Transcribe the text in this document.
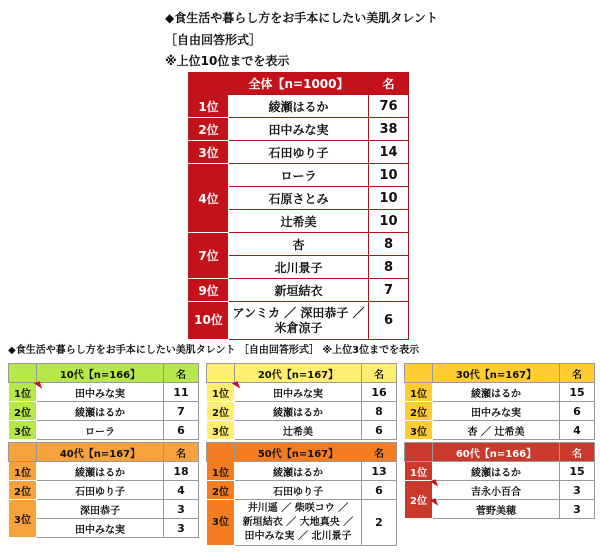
◆食生活や暮らし方をお手本にしたい美肌タレント
［自由回答形式］
※上位10位までを表示
	全体【n=1000】	名
1位	綾瀬はるか	76
2位	田中みな実	38
3位	石田ゆり子	14
4位	ローラ	10
	石原さとみ	10
	辻希美	10
7位	杏	8
	北川景子	8
9位	新垣結衣	7
10位	アンミカ ／ 深田恭子 ／
米倉涼子	6
◆食生活や暮らし方をお手本にしたい美肌タレント ［自由回答形式］ ※上位3位までを表示
	10代【n=166】	名
1位	田中みな実	11
2位	綾瀬はるか	7
3位	ローラ	6
	20代【n=167】	名
1位	田中みな実	16
2位	綾瀬はるか	8
3位	辻希美	6
	30代【n=167】	名
1位	綾瀬はるか	15
2位	田中みな実	6
3位	杏 ／ 辻希美	4
	40代【n=167】	名
1位	綾瀬はるか	18
2位	石田ゆり子	4
3位	深田恭子	3
	田中みな実	3
	50代【n=167】	名
1位	綾瀬はるか	13
2位	石田ゆり子	6
3位	井川遥 ／ 柴咲コウ ／
新垣結衣 ／ 大地真央 ／
田中みな実 ／ 北川景子	2
	60代【n=166】	名
1位	綾瀬はるか	15
2位	吉永小百合	3

菅野美穂	3
